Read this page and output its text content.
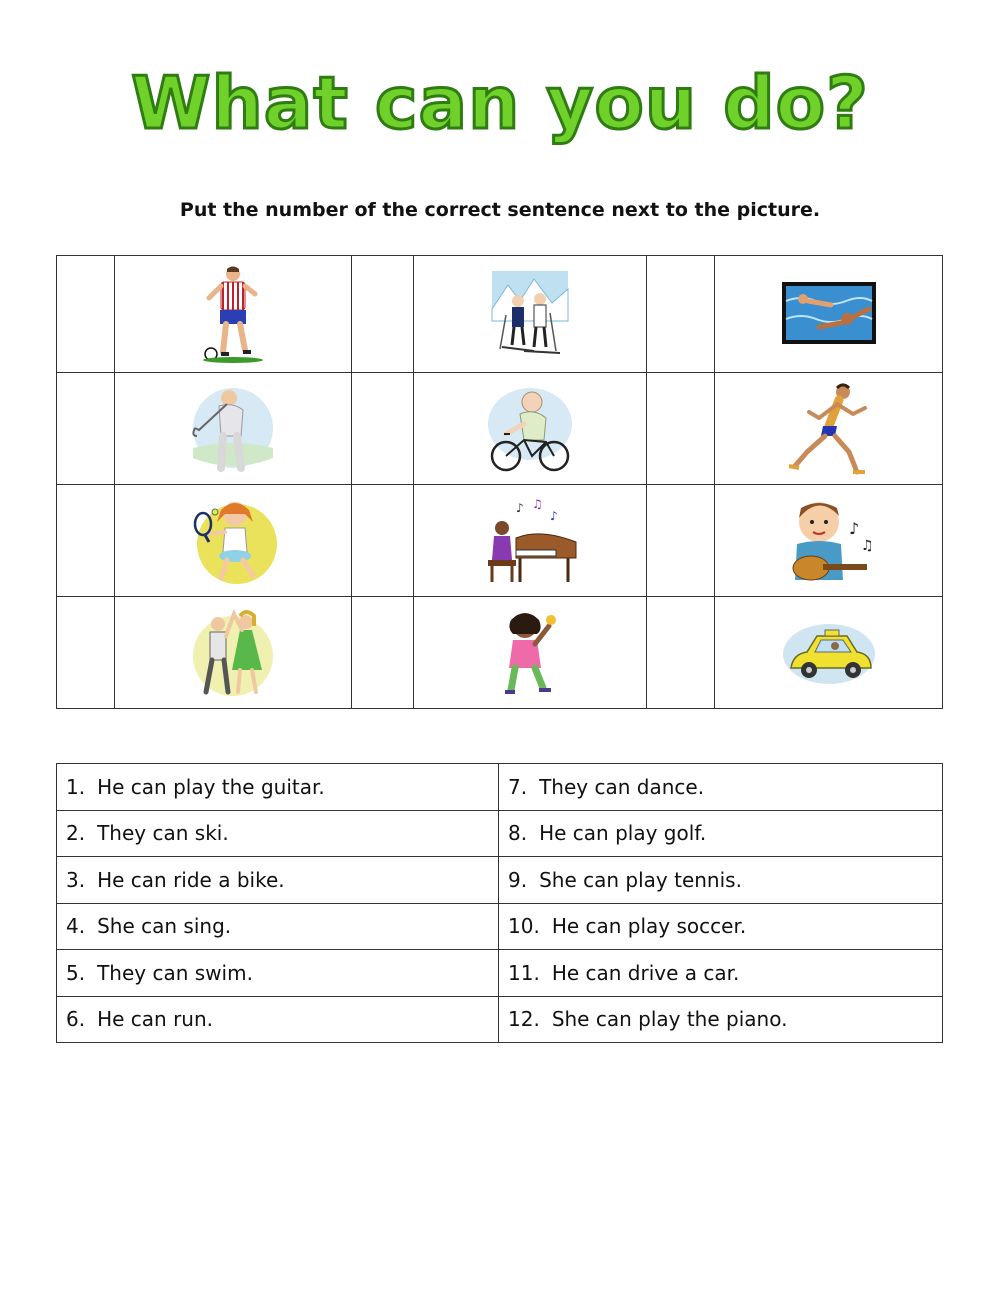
What can you do?

Put the number of the correct sentence next to the picture.

♪ ♫
♪		♪
♫

1. He can play the guitar.	7. They can dance.
2. They can ski.	8. He can play golf.
3. He can ride a bike.	9. She can play tennis.
4. She can sing.	10. He can play soccer.
5. They can swim.	11. He can drive a car.
6. He can run.	12. She can play the piano.
